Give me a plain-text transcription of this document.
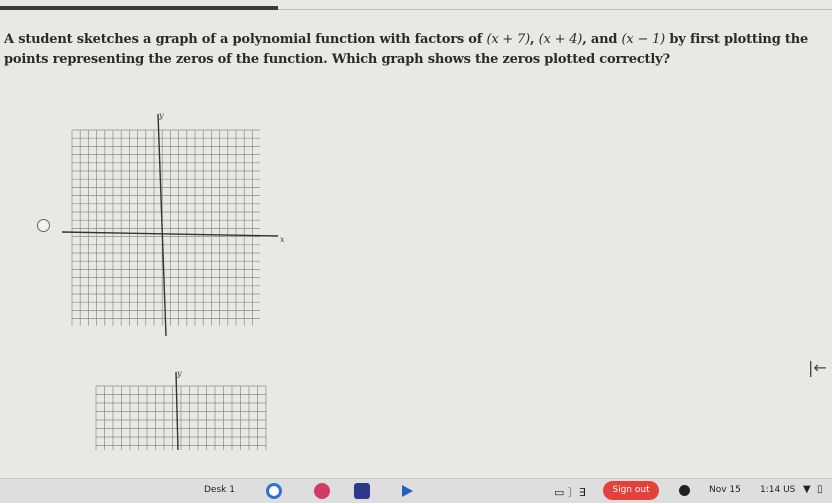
A student sketches a graph of a polynomial function with factors of (x + 7), (x + 4), and (x − 1) by first plotting the points representing the zeros of the function. Which graph shows the zeros plotted correctly?
y
x
y	|←
Desk 1	▭ 〕∃	Sign out	Nov 15 1:14 US ▼ ▯
